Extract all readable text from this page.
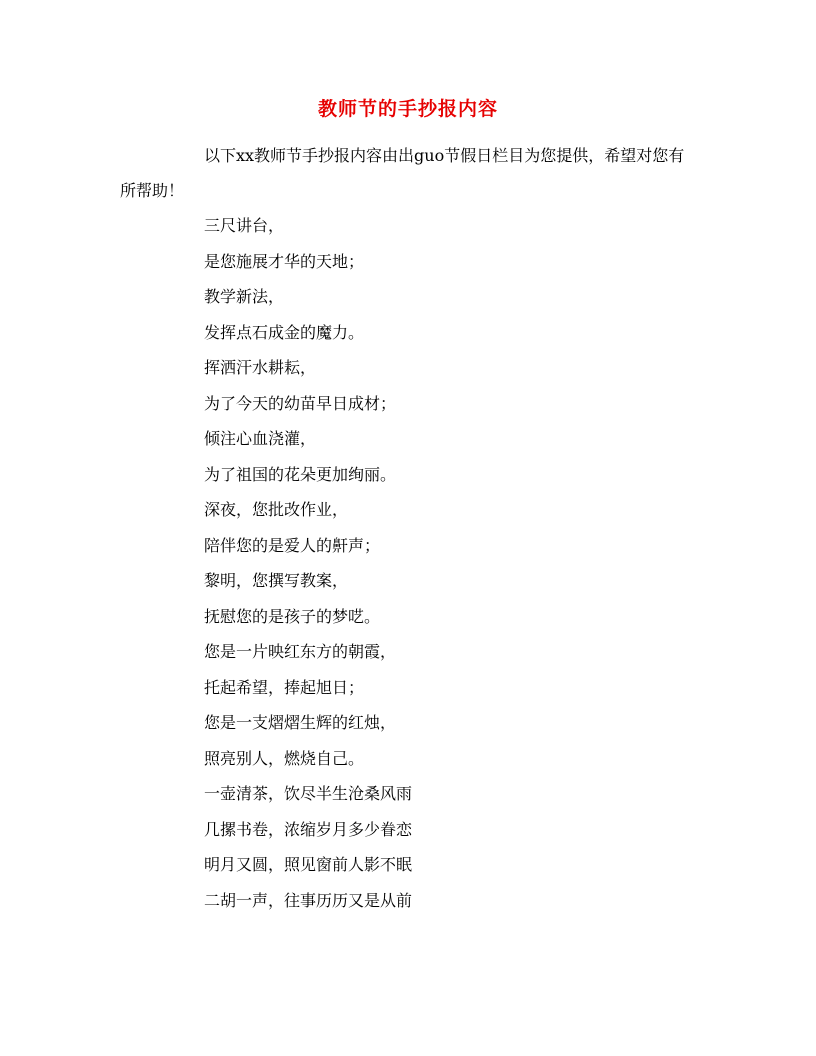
教师节的手抄报内容
以下xx教师节手抄报内容由出guo节假日栏目为您提供，希望对您有所帮助！
三尺讲台，
是您施展才华的天地；
教学新法，
发挥点石成金的魔力。
挥洒汗水耕耘，
为了今天的幼苗早日成材；
倾注心血浇灌，
为了祖国的花朵更加绚丽。
深夜，您批改作业，
陪伴您的是爱人的鼾声；
黎明，您撰写教案，
抚慰您的是孩子的梦呓。
您是一片映红东方的朝霞，
托起希望，捧起旭日；
您是一支熠熠生辉的红烛，
照亮别人，燃烧自己。
一壶清茶，饮尽半生沧桑风雨
几摞书卷，浓缩岁月多少眷恋
明月又圆，照见窗前人影不眠
二胡一声，往事历历又是从前
